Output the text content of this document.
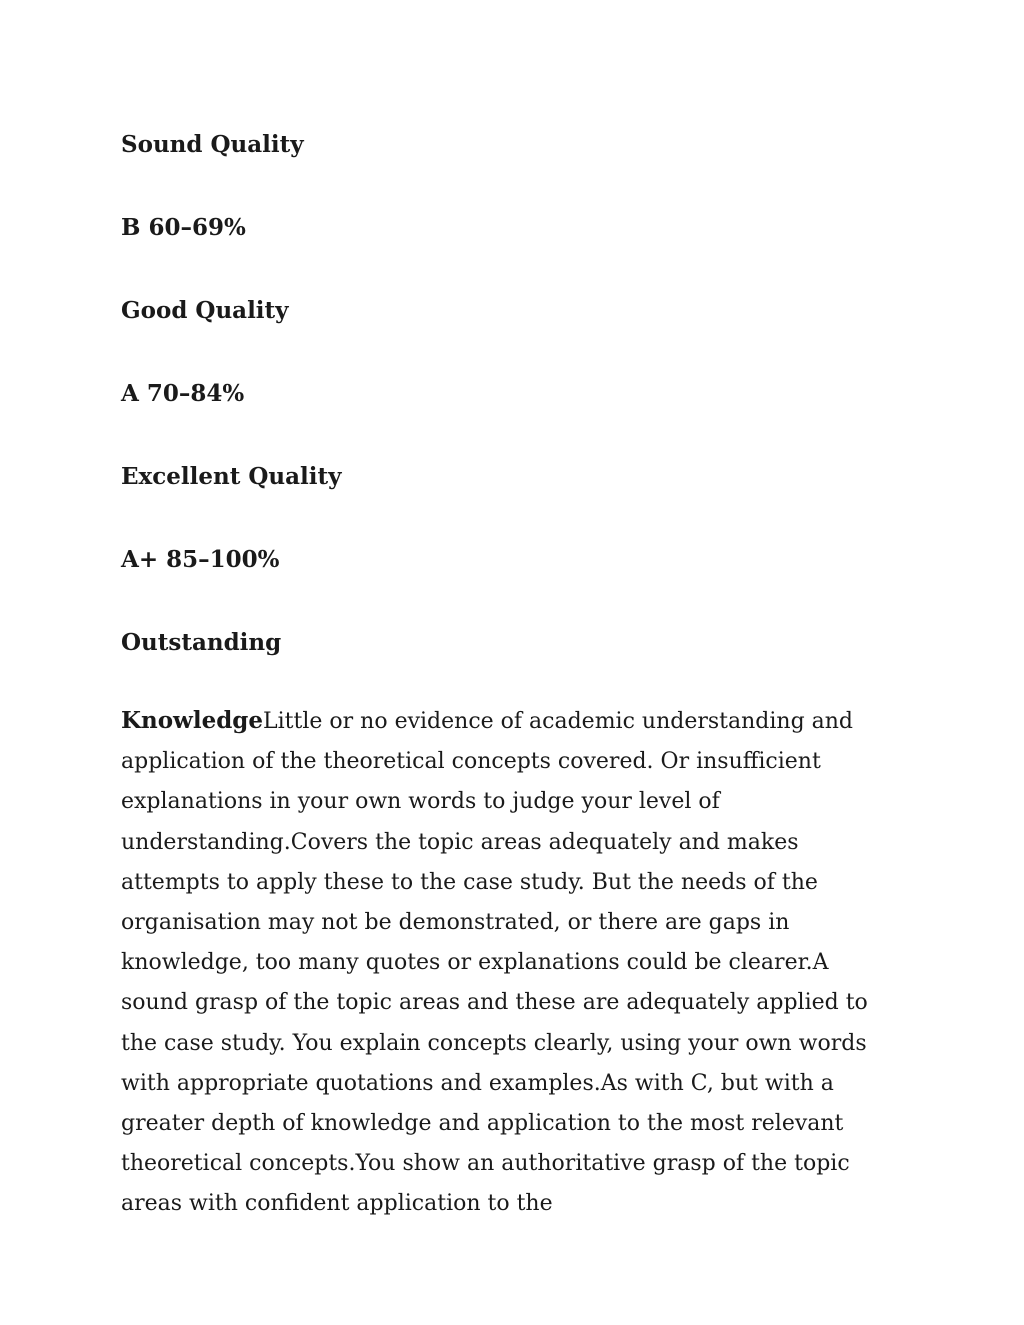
Sound Quality

B 60–69%

Good Quality

A 70–84%

Excellent Quality

A+ 85–100%

Outstanding

KnowledgeLittle or no evidence of academic understanding and application of the theoretical concepts covered. Or insufficient explanations in your own words to judge your level of understanding.Covers the topic areas adequately and makes attempts to apply these to the case study. But the needs of the organisation may not be demonstrated, or there are gaps in knowledge, too many quotes or explanations could be clearer.A sound grasp of the topic areas and these are adequately applied to the case study. You explain concepts clearly, using your own words with appropriate quotations and examples.As with C, but with a greater depth of knowledge and application to the most relevant theoretical concepts.You show an authoritative grasp of the topic areas with confident application to the
